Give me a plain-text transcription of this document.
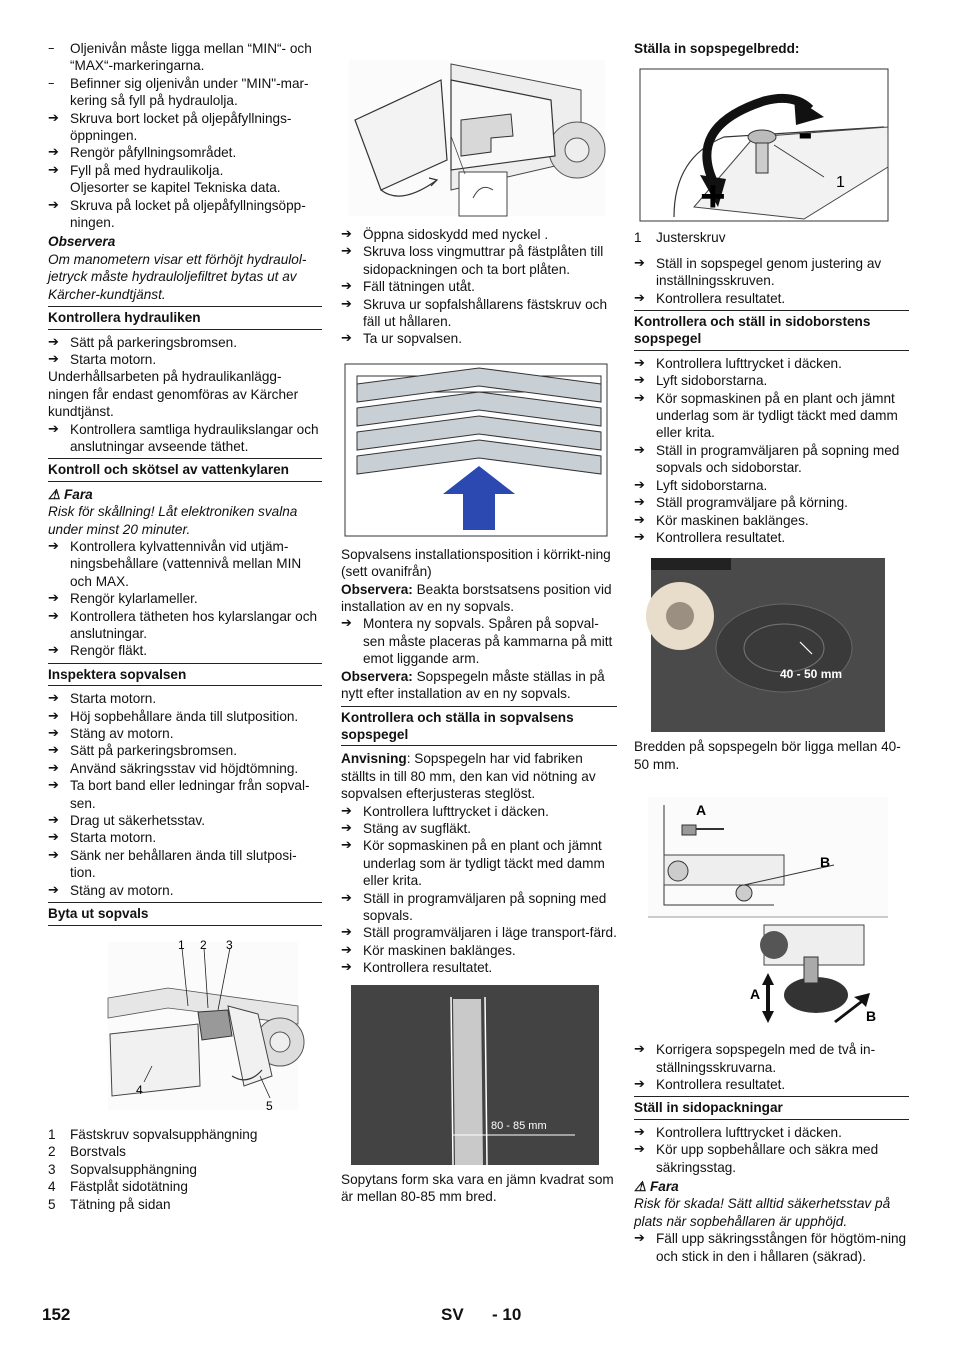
–	Oljenivån måste ligga mellan “MIN“- och “MAX“-markeringarna.
–	Befinner sig oljenivån under "MIN"-mar-kering så fyll på hydraulolja.
➔ Skruva bort locket på oljepåfyllnings-öppningen.
➔ Rengör påfyllningsområdet.
➔ Fyll på med hydraulikolja.
Oljesorter se kapitel Tekniska data.
➔ Skruva på locket på oljepåfyllningsöpp-ningen.
Observera
Om manometern visar ett förhöjt hydraulol-jetryck måste hydrauloljefiltret bytas ut av Kärcher-kundtjänst.
Kontrollera hydrauliken
➔ Sätt på parkeringsbromsen.
➔ Starta motorn.
Underhållsarbeten på hydraulikanlägg-ningen får endast genomföras av Kärcher kundtjänst.
➔ Kontrollera samtliga hydraulikslangar och anslutningar avseende täthet.
Kontroll och skötsel av vattenkylaren
⚠ Fara
Risk för skållning! Låt elektroniken svalna under minst 20 minuter.
➔ Kontrollera kylvattennivån vid utjäm-ningsbehållare (vattennivå mellan MIN och MAX.
➔ Rengör kylarlameller.
➔ Kontrollera tätheten hos kylarslangar och anslutningar.
➔ Rengör fläkt.
Inspektera sopvalsen
➔ Starta motorn.
➔ Höj sopbehållare ända till slutposition.
➔ Stäng av motorn.
➔ Sätt på parkeringsbromsen.
➔ Använd säkringsstav vid höjdtömning.
➔ Ta bort band eller ledningar från sopval-sen.
➔ Drag ut säkerhetsstav.
➔ Starta motorn.
➔ Sänk ner behållaren ända till slutposi-tion.
➔ Stäng av motorn.
Byta ut sopvals
1 2 3
4
5
1	Fästskruv sopvalsupphängning
2	Borstvals
3	Sopvalsupphängning
4	Fästplåt sidotätning
5	Tätning på sidan
➔ Öppna sidoskydd med nyckel .
➔ Skruva loss vingmuttrar på fästplåten till sidopackningen och ta bort plåten.
➔ Fäll tätningen utåt.
➔ Skruva ur sopfalshållarens fästskruv och fäll ut hållaren.
➔ Ta ur sopvalsen.
Sopvalsens installationsposition i körrikt-ning (sett ovanifrån)
Observera: Beakta borstsatsens position vid installation av en ny sopvals.
➔ Montera ny sopvals. Spåren på sopval-sen måste placeras på kammarna på mitt emot liggande arm.
Observera: Sopspegeln måste ställas in på nytt efter installation av en ny sopvals.
Kontrollera och ställa in sopvalsens sopspegel
Anvisning: Sopspegeln har vid fabriken ställts in till 80 mm, den kan vid nötning av sopvalsen efterjusteras steglöst.
➔ Kontrollera lufttrycket i däcken.
➔ Stäng av sugfläkt.
➔ Kör sopmaskinen på en plant och jämnt underlag som är tydligt täckt med damm eller krita.
➔ Ställ in programväljaren på sopning med sopvals.
➔ Ställ programväljaren i läge transport-färd.
➔ Kör maskinen baklänges.
➔ Kontrollera resultatet.
80 - 85 mm
Sopytans form ska vara en jämn kvadrat som är mellan 80-85 mm bred.
Ställa in sopspegelbredd:
-
+	1
1	Justerskruv
➔ Ställ in sopspegel genom justering av inställningsskruven.
➔ Kontrollera resultatet.
Kontrollera och ställ in sidoborstens sopspegel
➔ Kontrollera lufttrycket i däcken.
➔ Lyft sidoborstarna.
➔ Kör sopmaskinen på en plant och jämnt underlag som är tydligt täckt med damm eller krita.
➔ Ställ in programväljaren på sopning med sopvals och sidoborstar.
➔ Lyft sidoborstarna.
➔ Ställ programväljare på körning.
➔ Kör maskinen baklänges.
➔ Kontrollera resultatet.
40 - 50 mm
Bredden på sopspegeln bör ligga mellan 40-50 mm.
A
B
A
B
➔ Korrigera sopspegeln med de två in-ställningsskruvarna.
➔ Kontrollera resultatet.
Ställ in sidopackningar
➔ Kontrollera lufttrycket i däcken.
➔ Kör upp sopbehållare och säkra med säkringsstag.
⚠ Fara
Risk för skada! Sätt alltid säkerhetsstav på plats när sopbehållaren är upphöjd.
➔ Fäll upp säkringsstången för högtöm-ning och stick in den i hållaren (säkrad).
152	SV - 10
